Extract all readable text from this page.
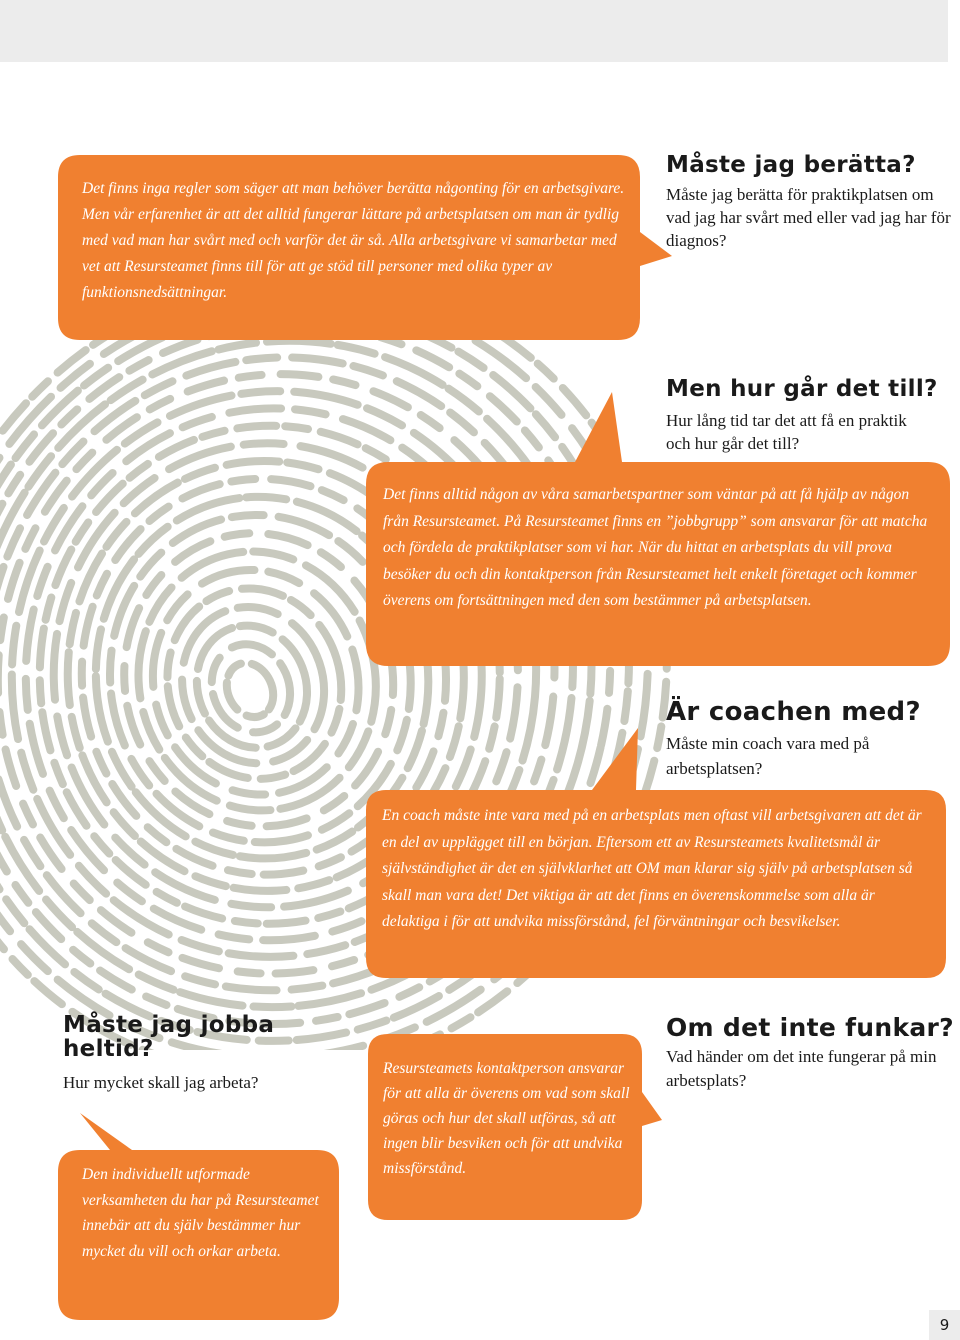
Det finns inga regler som säger att man behöver berätta någonting för en arbetsgivare. Men vår erfarenhet är att det alltid fungerar lättare på arbetsplatsen om man är tydlig med vad man har svårt med och varför det är så. Alla arbetsgivare vi samarbetar med vet att Resursteamet finns till för att ge stöd till personer med olika typer av funktionsnedsättningar.

Det finns alltid någon av våra samarbetspartner som väntar på att få hjälp av någon från Resursteamet. På Resursteamet finns en ”jobbgrupp” som ansvarar för att matcha och fördela de praktikplatser som vi har. När du hittat en arbetsplats du vill prova besöker du och din kontaktperson från Resursteamet helt enkelt företaget och kommer överens om fortsättningen med den som bestämmer på arbetsplatsen.

En coach måste inte vara med på en arbetsplats men oftast vill arbetsgivaren att det är en del av upplägget till en början. Eftersom ett av Resursteamets kvalitetsmål är självständighet är det en självklarhet att OM man klarar sig själv på arbetsplatsen så skall man vara det! Det viktiga är att det finns en överenskommelse som alla är delaktiga i för att undvika missförstånd, fel förväntningar och besvikelser.

Den individuellt utformade verksamheten du har på Resursteamet innebär att du själv bestämmer hur mycket du vill och orkar arbeta.

Resursteamets kontaktperson ansvarar för att alla är överens om vad som skall göras och hur det skall utföras, så att ingen blir besviken och för att undvika missförstånd.

Måste jag berätta?

Måste jag berätta för praktikplatsen om vad jag har svårt med eller vad jag har för diagnos?

Men hur går det till?

Hur lång tid tar det att få en praktik och hur går det till?

Är coachen med?

Måste min coach vara med på arbetsplatsen?

Måste jag jobba heltid?

Hur mycket skall jag arbeta?

Om det inte funkar?

Vad händer om det inte fungerar på min arbetsplats?

9
